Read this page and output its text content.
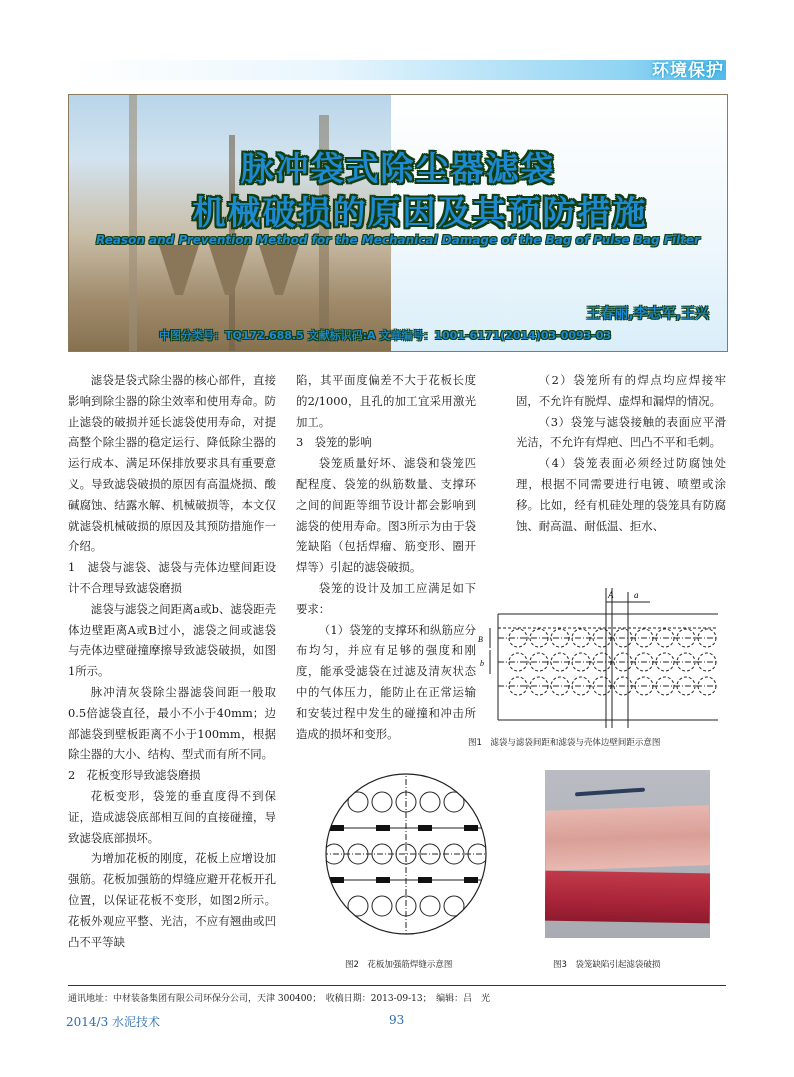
环境保护
脉冲袋式除尘器滤袋
机械破损的原因及其预防措施
Reason and Prevention Method for the Mechanical Damage of the Bag of Pulse Bag Filter
王春丽,李志军,王兴
中图分类号：TQ172.688.5 文献标识码:A 文章编号：1001-6171(2014)03-0093-03

滤袋是袋式除尘器的核心部件，直接影响到除尘器的除尘效率和使用寿命。防止滤袋的破损并延长滤袋使用寿命，对提高整个除尘器的稳定运行、降低除尘器的运行成本、满足环保排放要求具有重要意义。导致滤袋破损的原因有高温烧损、酸碱腐蚀、结露水解、机械破损等，本文仅就滤袋机械破损的原因及其预防措施作一介绍。

1　滤袋与滤袋、滤袋与壳体边壁间距设计不合理导致滤袋磨损

滤袋与滤袋之间距离a或b、滤袋距壳体边壁距离A或B过小，滤袋之间或滤袋与壳体边壁碰撞摩擦导致滤袋破损，如图1所示。

脉冲清灰袋除尘器滤袋间距一般取0.5倍滤袋直径，最小不小于40mm；边部滤袋到壁板距离不小于100mm，根据除尘器的大小、结构、型式而有所不同。

2　花板变形导致滤袋磨损

花板变形，袋笼的垂直度得不到保证，造成滤袋底部相互间的直接碰撞，导致滤袋底部损坏。

为增加花板的刚度，花板上应增设加强筋。花板加强筋的焊缝应避开花板开孔位置，以保证花板不变形，如图2所示。花板外观应平整、光洁，不应有翘曲或凹凸不平等缺

陷，其平面度偏差不大于花板长度的2/1000，且孔的加工宜采用激光加工。

3　袋笼的影响

袋笼质量好坏、滤袋和袋笼匹配程度、袋笼的纵筋数量、支撑环之间的间距等细节设计都会影响到滤袋的使用寿命。图3所示为由于袋笼缺陷（包括焊瘤、筋变形、圈开焊等）引起的滤袋破损。

袋笼的设计及加工应满足如下要求：

（1）袋笼的支撑环和纵筋应分布均匀，并应有足够的强度和刚度，能承受滤袋在过滤及清灰状态中的气体压力，能防止在正常运输和安装过程中发生的碰撞和冲击所造成的损坏和变形。

（2）袋笼所有的焊点均应焊接牢固，不允许有脱焊、虚焊和漏焊的情况。

（3）袋笼与滤袋接触的表面应平滑光洁，不允许有焊疤、凹凸不平和毛刺。

（4）袋笼表面必须经过防腐蚀处理，根据不同需要进行电镀、喷塑或涂移。比如，经有机硅处理的袋笼具有防腐蚀、耐高温、耐低温、拒水、

A a
B
b
图1　滤袋与滤袋间距和滤袋与壳体边壁间距示意图
图2　花板加强筋焊缝示意图	图3　袋笼缺陷引起滤袋破损
通讯地址：中材装备集团有限公司环保分公司，天津 300400；　收稿日期：2013-09-13；　编辑：吕　光
2014/3 水泥技术	93
